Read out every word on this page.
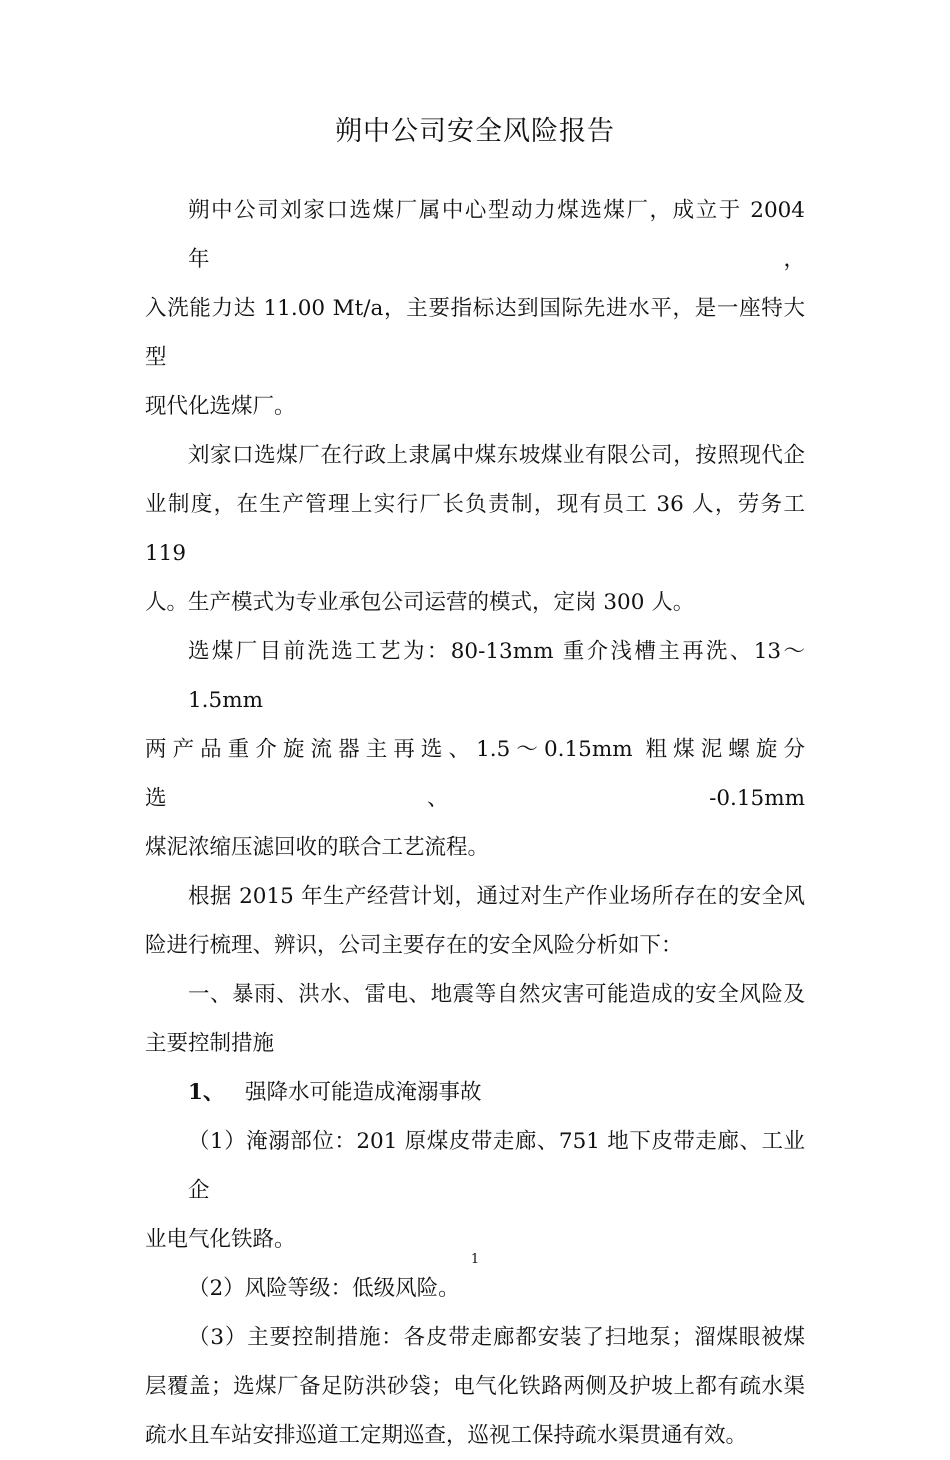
朔中公司安全风险报告

朔中公司刘家口选煤厂属中心型动力煤选煤厂，成立于 2004 年，
入洗能力达 11.00 Mt/a，主要指标达到国际先进水平，是一座特大型
现代化选煤厂。

刘家口选煤厂在行政上隶属中煤东坡煤业有限公司，按照现代企
业制度，在生产管理上实行厂长负责制，现有员工 36 人，劳务工 119
人。生产模式为专业承包公司运营的模式，定岗 300 人。

选煤厂目前洗选工艺为：80-13mm 重介浅槽主再洗、13～1.5mm
两产品重介旋流器主再选、1.5～0.15mm 粗煤泥螺旋分选、-0.15mm
煤泥浓缩压滤回收的联合工艺流程。

根据 2015 年生产经营计划，通过对生产作业场所存在的安全风
险进行梳理、辨识，公司主要存在的安全风险分析如下：

一、暴雨、洪水、雷电、地震等自然灾害可能造成的安全风险及
主要控制措施

1、 强降水可能造成淹溺事故

（1）淹溺部位：201 原煤皮带走廊、751 地下皮带走廊、工业企
业电气化铁路。

（2）风险等级：低级风险。

（3）主要控制措施：各皮带走廊都安装了扫地泵；溜煤眼被煤
层覆盖；选煤厂备足防洪砂袋；电气化铁路两侧及护坡上都有疏水渠
疏水且车站安排巡道工定期巡查，巡视工保持疏水渠贯通有效。

1
